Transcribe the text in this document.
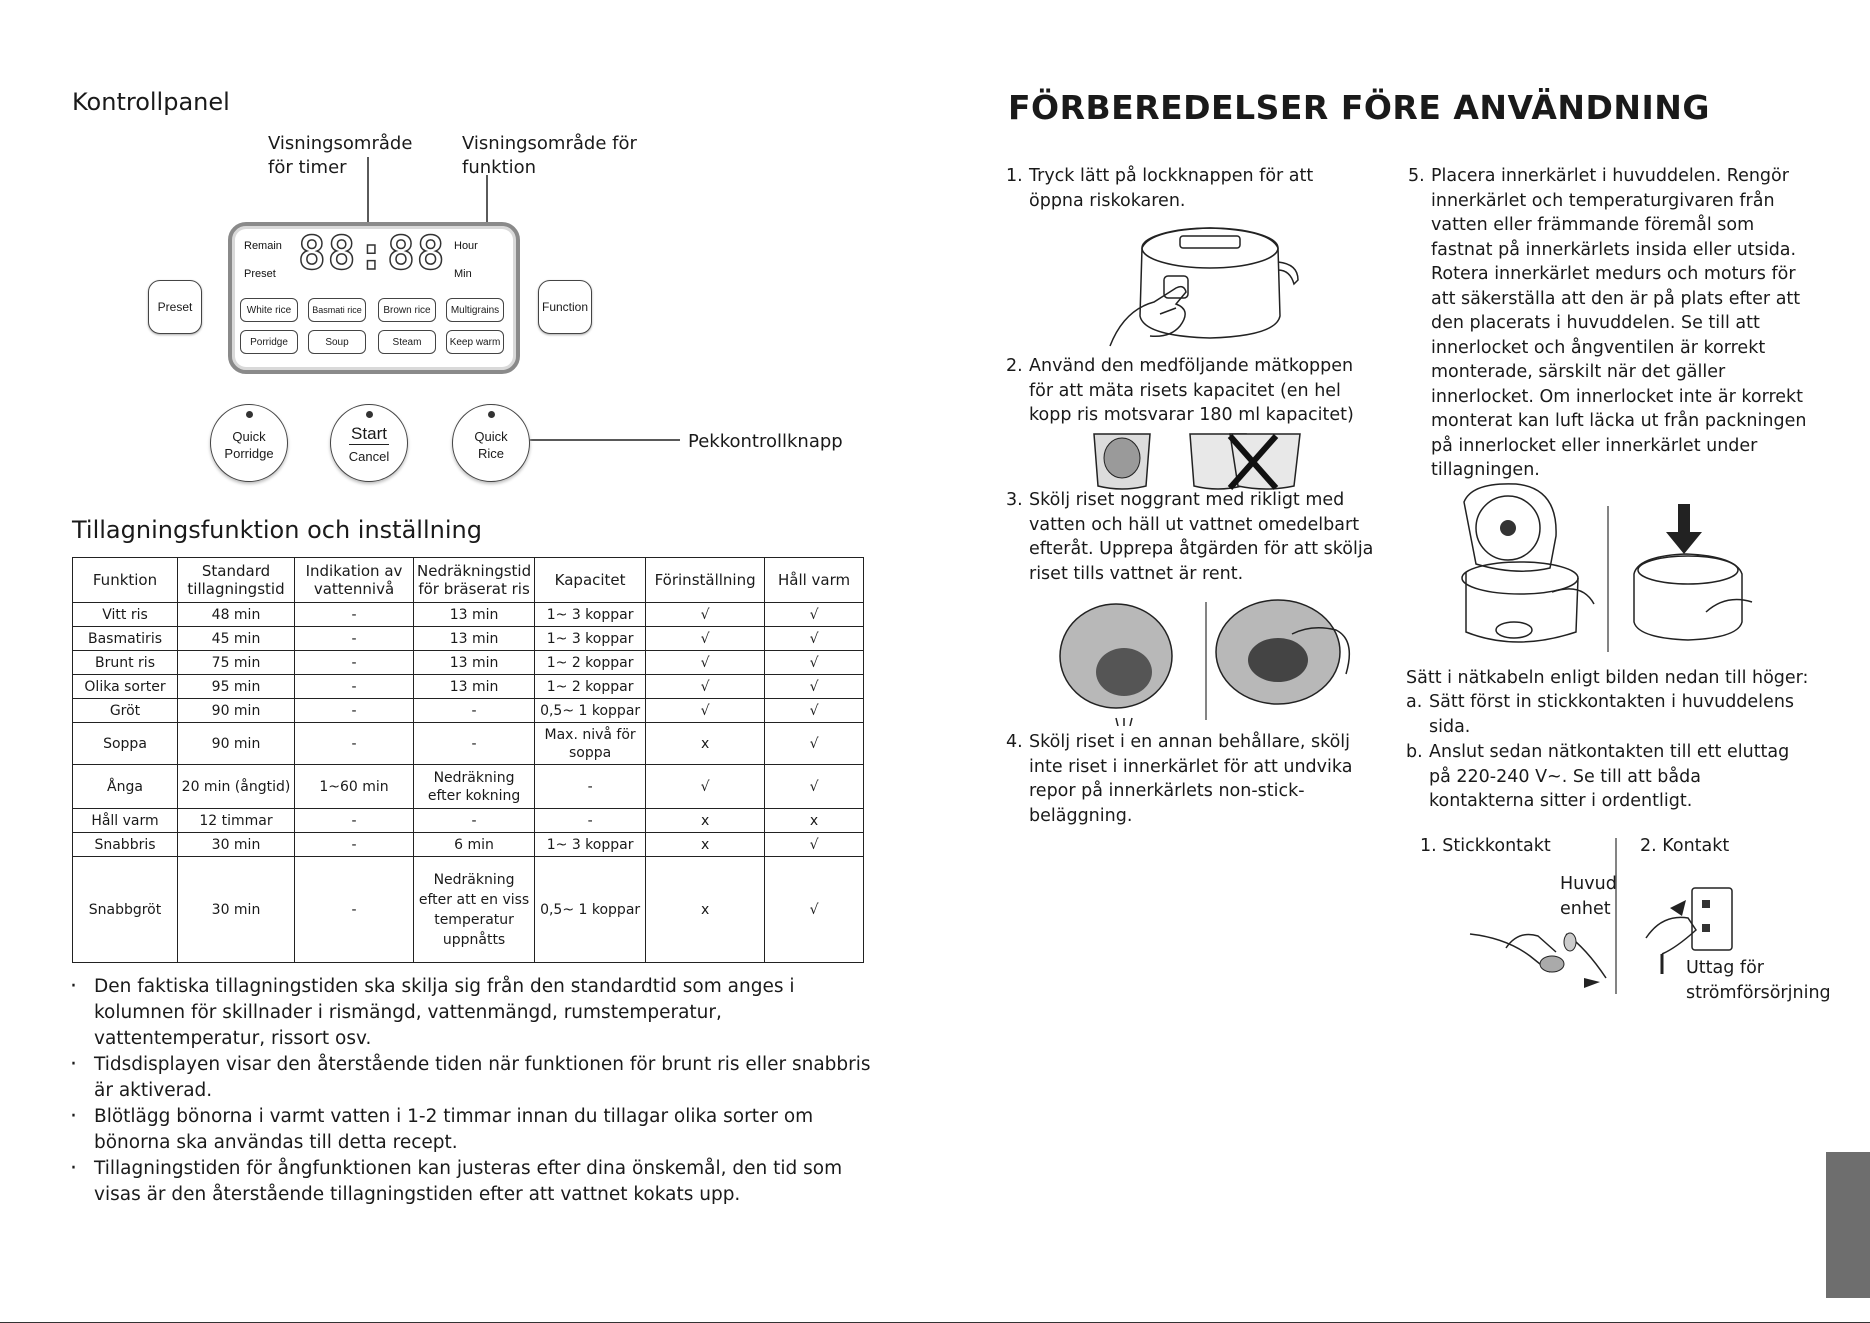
Kontrollpanel
Visningsområde
för timer
Visningsområde för
funktion
Remain
Preset 88:88 Hour
Min
White rice	Basmati rice	Brown rice	Multigrains
Porridge	Soup	Steam	Keep warm
Preset	Function
Quick
Porridge
Start
Cancel
Quick
Rice
Pekkontrollknapp
Tillagningsfunktion och inställning
Funktion	Standard tillagningstid	Indikation av vattennivå	Nedräkningstid för bräserat ris	Kapacitet	Förinställning	Håll varm
Vitt ris	48 min	-	13 min	1~ 3 koppar	√	√
Basmatiris	45 min	-	13 min	1~ 3 koppar	√	√
Brunt ris	75 min	-	13 min	1~ 2 koppar	√	√
Olika sorter	95 min	-	13 min	1~ 2 koppar	√	√
Gröt	90 min	-	-	0,5~ 1 koppar	√	√
Soppa	90 min	-	-	Max. nivå för soppa	x	√
Ånga	20 min (ångtid)	1~60 min	Nedräkning efter kokning	-	√	√
Håll varm	12 timmar	-	-	-	x	x
Snabbris	30 min	-	6 min	1~ 3 koppar	x	√
Snabbgröt	30 min	-	Nedräkning efter att en viss temperatur uppnåtts	0,5~ 1 koppar	x	√
· Den faktiska tillagningstiden ska skilja sig från den standardtid som anges i kolumnen för skillnader i rismängd, vattenmängd, rumstemperatur, vattentemperatur, rissort osv.
· Tidsdisplayen visar den återstående tiden när funktionen för brunt ris eller snabbris är aktiverad.
· Blötlägg bönorna i varmt vatten i 1-2 timmar innan du tillagar olika sorter om bönorna ska användas till detta recept.
· Tillagningstiden för ångfunktionen kan justeras efter dina önskemål, den tid som visas är den återstående tillagningstiden efter att vattnet kokats upp.
FÖRBEREDELSER FÖRE ANVÄNDNING
1. Tryck lätt på lockknappen för att öppna riskokaren.
2. Använd den medföljande mätkoppen för att mäta risets kapacitet (en hel kopp ris motsvarar 180 ml kapacitet)
3. Skölj riset noggrant med rikligt med vatten och häll ut vattnet omedelbart efteråt. Upprepa åtgärden för att skölja riset tills vattnet är rent.
4. Skölj riset i en annan behållare, skölj inte riset i innerkärlet för att undvika repor på innerkärlets non-stick-beläggning.
5. Placera innerkärlet i huvuddelen. Rengör innerkärlet och temperaturgivaren från vatten eller främmande föremål som fastnat på innerkärlets insida eller utsida. Rotera innerkärlet medurs och moturs för att säkerställa att den är på plats efter att den placerats i huvuddelen. Se till att innerlocket och ångventilen är korrekt monterade, särskilt när det gäller innerlocket. Om innerlocket inte är korrekt monterat kan luft läcka ut från packningen på innerlocket eller innerkärlet under tillagningen.
Sätt i nätkabeln enligt bilden nedan till höger:
a. Sätt först in stickkontakten i huvuddelens sida.
b. Anslut sedan nätkontakten till ett eluttag på 220-240 V~. Se till att båda kontakterna sitter i ordentligt.
1. Stickkontakt
Huvud
enhet
2. Kontakt
Uttag för
strömförsörjning
